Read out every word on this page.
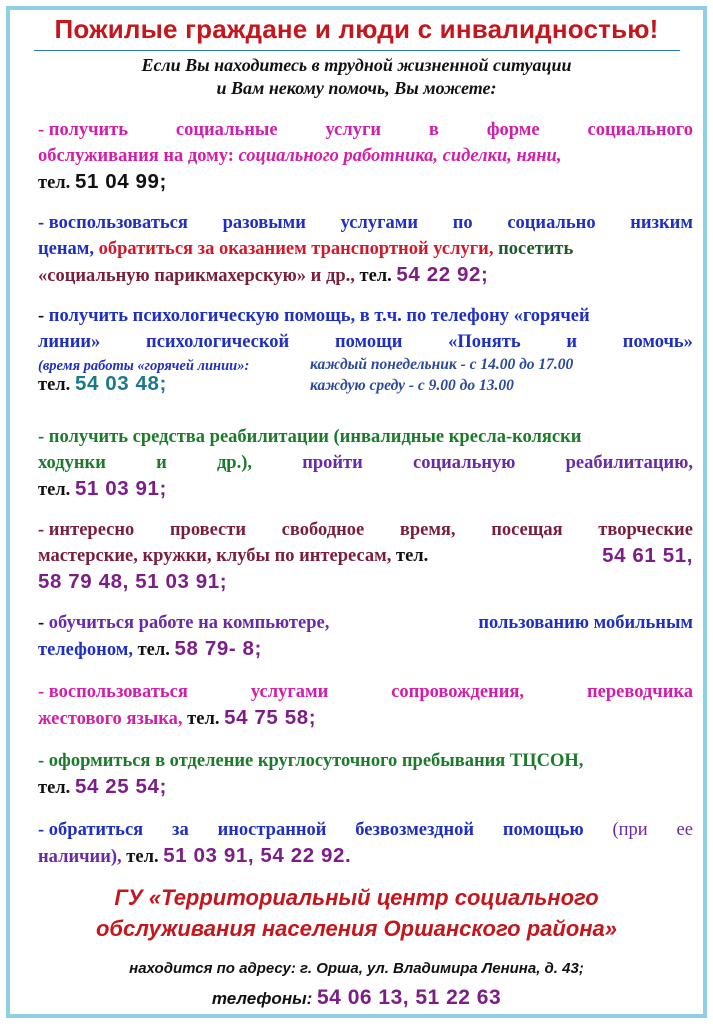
Пожилые граждане и люди с инвалидностью!
Если Вы находитесь в трудной жизненной ситуации
и Вам некому помочь, Вы можете:
- получить	социальные	услуги	в	форме	социального
обслуживания на дому: социального работника, сиделки, няни,
тел. 51 04 99;
- воспользоваться разовыми услугами по социально низким
ценам, обратиться за оказанием транспортной услуги, посетить
«социальную парикмахерскую» и др., тел. 54 22 92;
- получить психологическую помощь, в т.ч. по телефону «горячей
линии» психологической помощи «Понять и помочь»
(время работы «горячей линии»:	каждый понедельник - с 14.00 до 17.00
каждую среду - с 9.00 до 13.00
тел. 54 03 48;
- получить средства реабилитации (инвалидные кресла-коляски
ходунки	и	др.),	пройти	социальную	реабилитацию,
тел. 51 03 91;
- интересно провести свободное время, посещая творческие
мастерские, кружки, клубы по интересам, тел.	54 61 51,
58 79 48, 51 03 91;
- обучиться работе на компьютере,	пользованию мобильным
телефоном, тел. 58 79- 8;
- воспользоваться	услугами	сопровождения,	переводчика
жестового языка, тел. 54 75 58;
- оформиться в отделение круглосуточного пребывания ТЦСОН,
тел. 54 25 54;
- обратиться за иностранной безвозмездной помощью (при ее
наличии), тел. 51 03 91, 54 22 92.
ГУ «Территориальный центр социального
обслуживания населения Оршанского района»
находится по адресу: г. Орша, ул. Владимира Ленина, д. 43;
телефоны: 54 06 13, 51 22 63
